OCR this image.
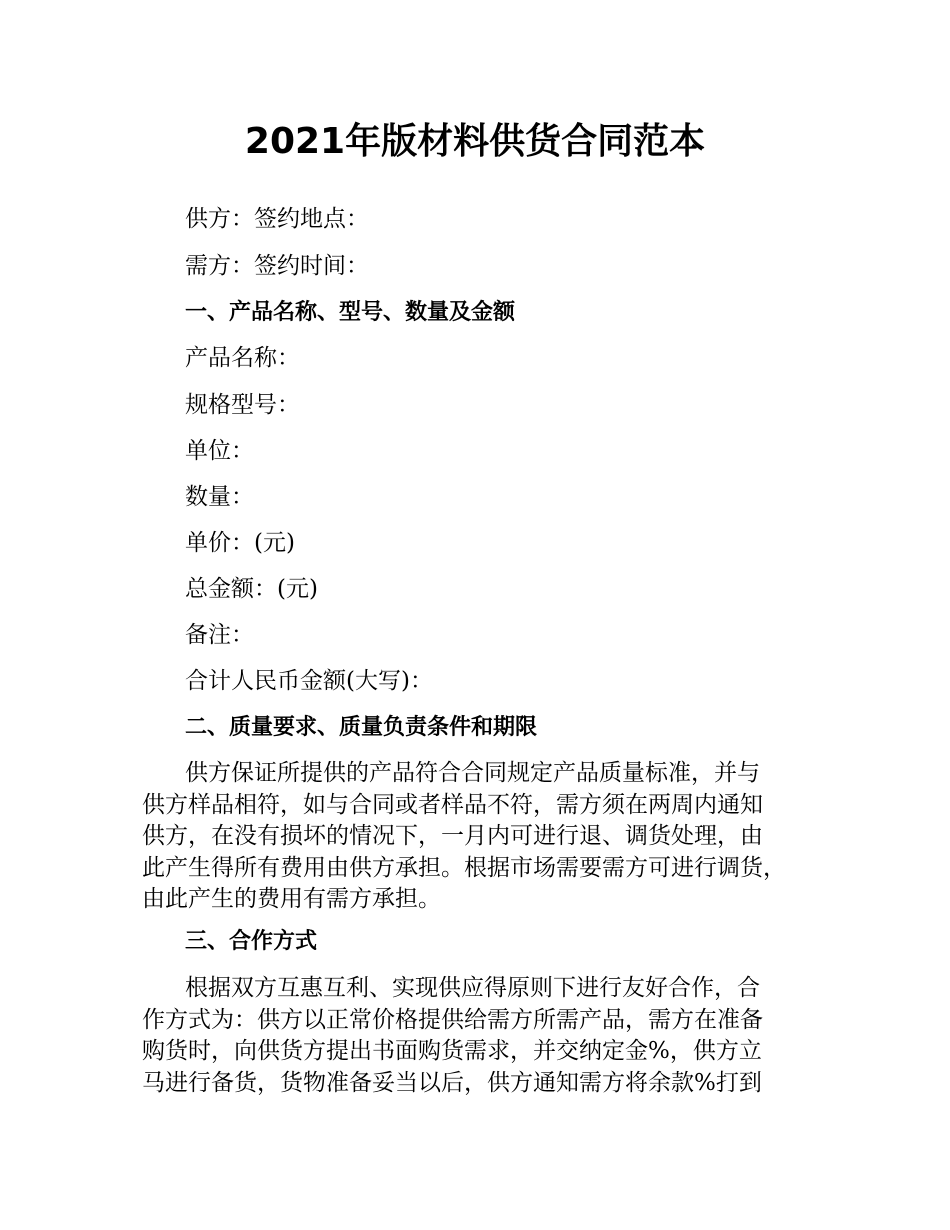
2021年版材料供货合同范本

供方：签约地点：

需方：签约时间：

一、产品名称、型号、数量及金额

产品名称：

规格型号：

单位：

数量：

单价：(元)

总金额：(元)

备注：

合计人民币金额(大写)：

二、质量要求、质量负责条件和期限

供方保证所提供的产品符合合同规定产品质量标准，并与
供方样品相符，如与合同或者样品不符，需方须在两周内通知
供方，在没有损坏的情况下，一月内可进行退、调货处理，由
此产生得所有费用由供方承担。根据市场需要需方可进行调货，
由此产生的费用有需方承担。

三、合作方式

根据双方互惠互利、实现供应得原则下进行友好合作，合
作方式为：供方以正常价格提供给需方所需产品，需方在准备
购货时，向供货方提出书面购货需求，并交纳定金%，供方立
马进行备货，货物准备妥当以后，供方通知需方将余款%打到
